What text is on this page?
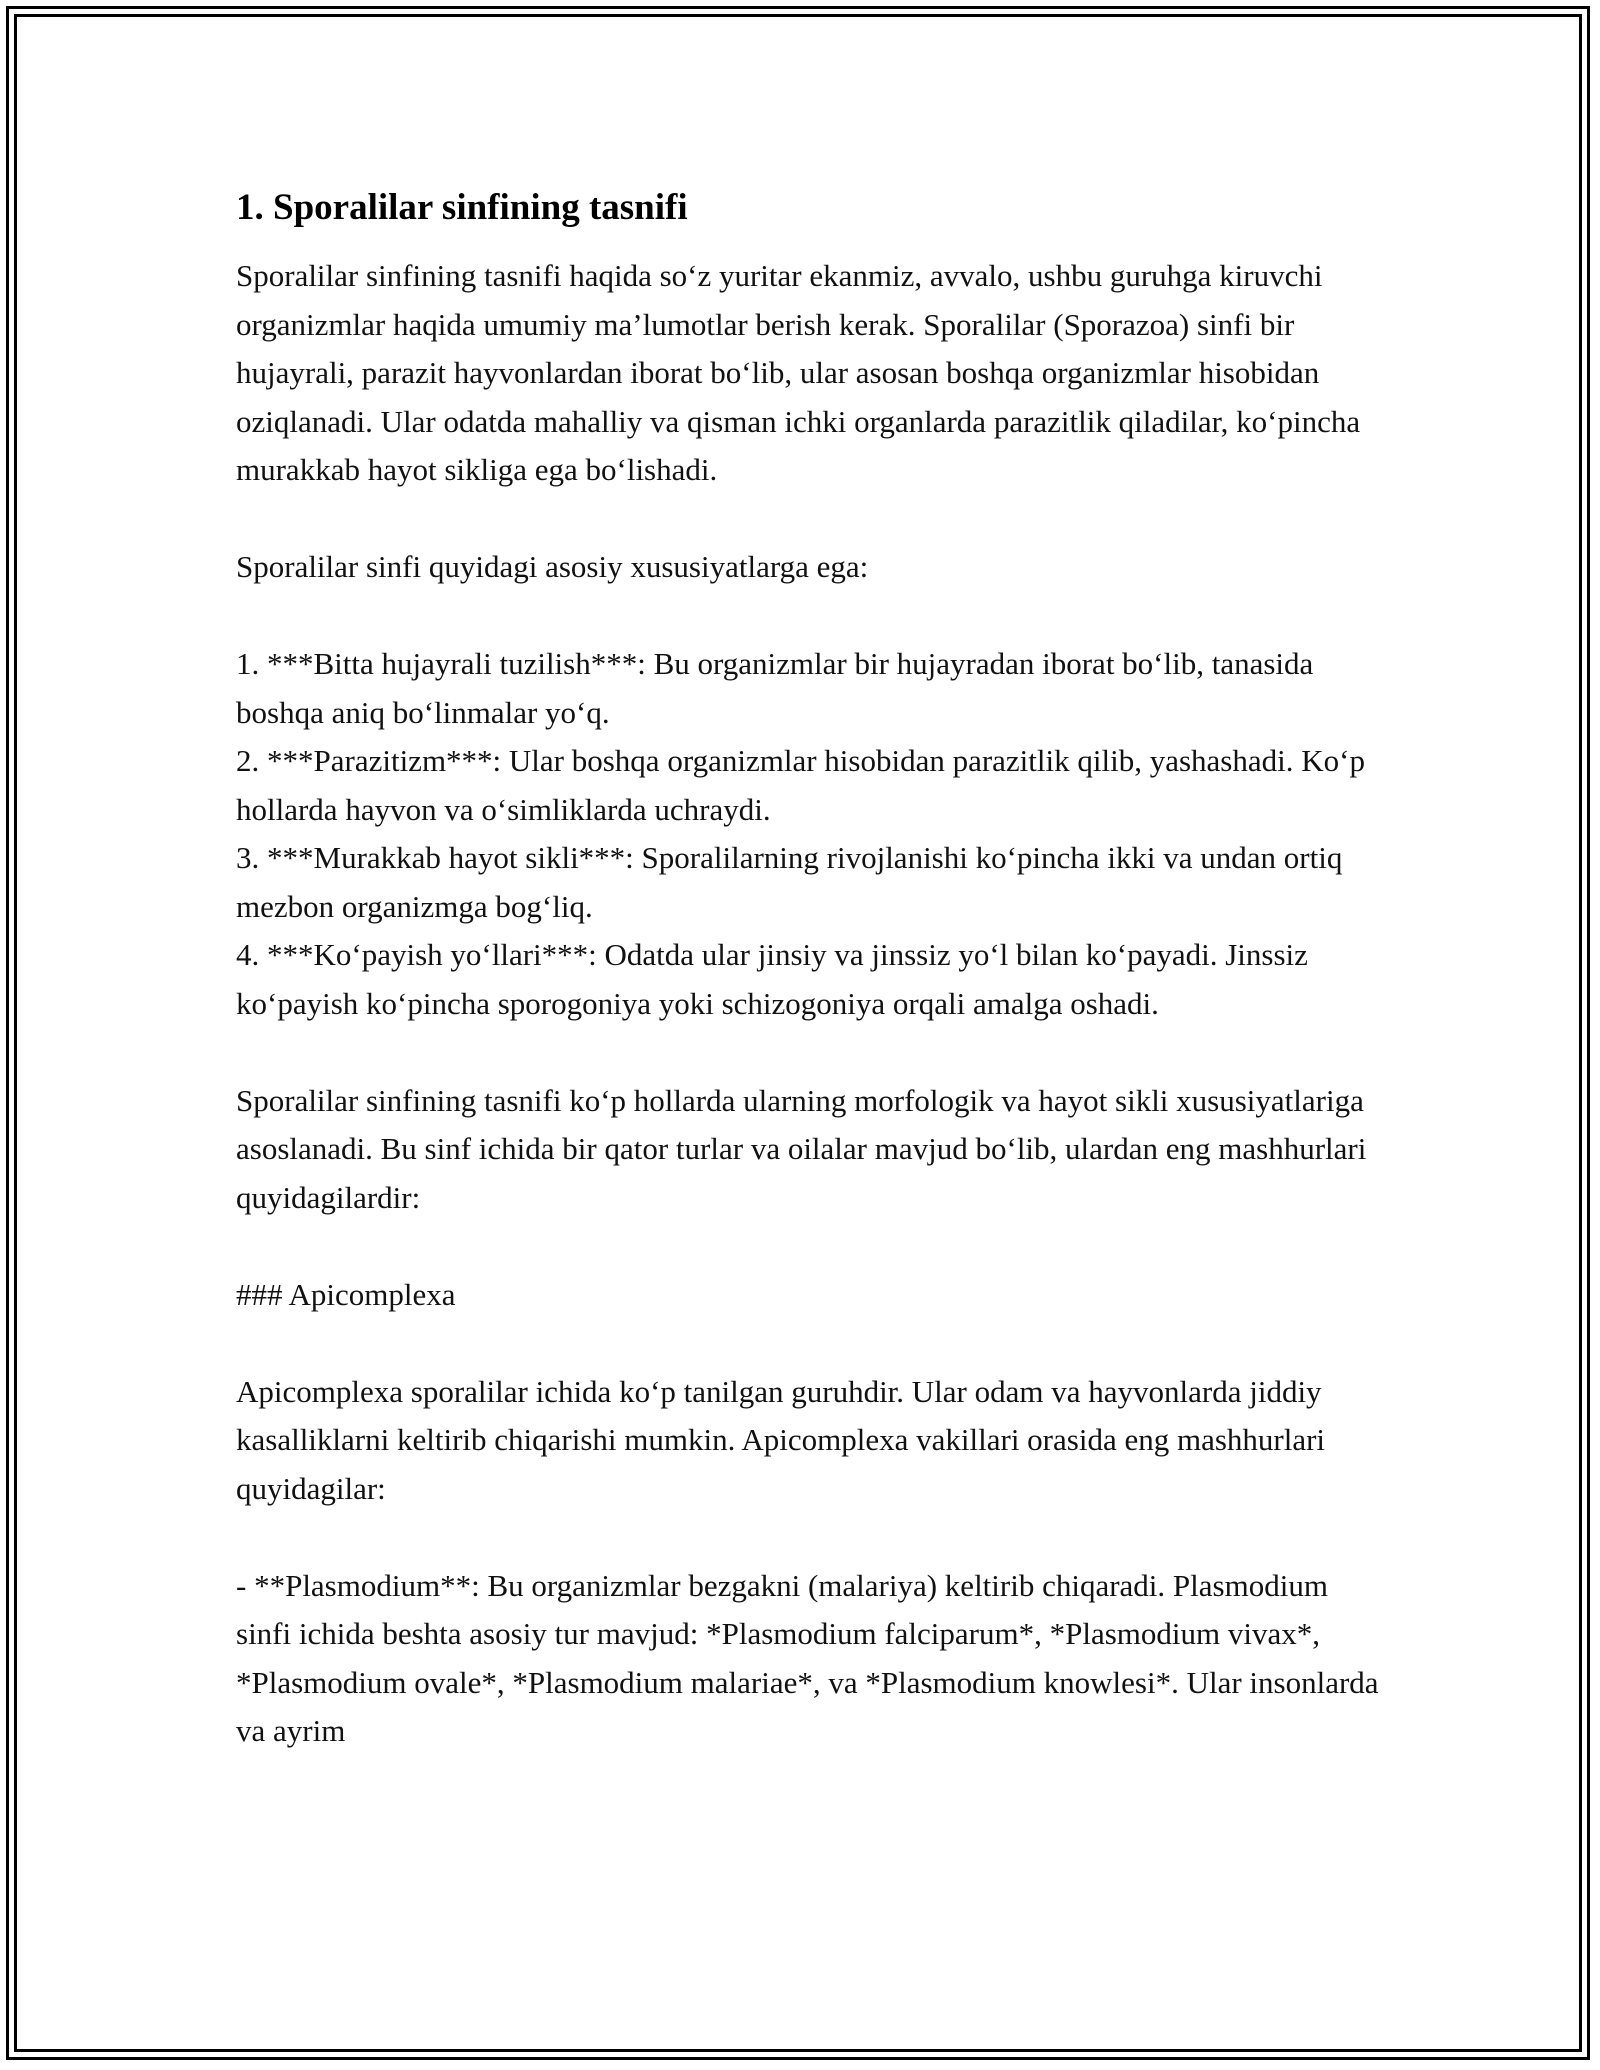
1. Sporalilar sinfining tasnifi

Sporalilar sinfining tasnifi haqida so‘z yuritar ekanmiz, avvalo, ushbu guruhga kiruvchi organizmlar haqida umumiy ma’lumotlar berish kerak. Sporalilar (Sporazoa) sinfi bir hujayrali, parazit hayvonlardan iborat bo‘lib, ular asosan boshqa organizmlar hisobidan oziqlanadi. Ular odatda mahalliy va qisman ichki organlarda parazitlik qiladilar, ko‘pincha murakkab hayot sikliga ega bo‘lishadi.

Sporalilar sinfi quyidagi asosiy xususiyatlarga ega:

1. ***Bitta hujayrali tuzilish***: Bu organizmlar bir hujayradan iborat bo‘lib, tanasida boshqa aniq bo‘linmalar yo‘q.

2. ***Parazitizm***: Ular boshqa organizmlar hisobidan parazitlik qilib, yashashadi. Ko‘p hollarda hayvon va o‘simliklarda uchraydi.

3. ***Murakkab hayot sikli***: Sporalilarning rivojlanishi ko‘pincha ikki va undan ortiq mezbon organizmga bog‘liq.

4. ***Ko‘payish yo‘llari***: Odatda ular jinsiy va jinssiz yo‘l bilan ko‘payadi. Jinssiz ko‘payish ko‘pincha sporogoniya yoki schizogoniya orqali amalga oshadi.

Sporalilar sinfining tasnifi ko‘p hollarda ularning morfologik va hayot sikli xususiyatlariga asoslanadi. Bu sinf ichida bir qator turlar va oilalar mavjud bo‘lib, ulardan eng mashhurlari quyidagilardir:

### Apicomplexa

Apicomplexa sporalilar ichida ko‘p tanilgan guruhdir. Ular odam va hayvonlarda jiddiy kasalliklarni keltirib chiqarishi mumkin. Apicomplexa vakillari orasida eng mashhurlari quyidagilar:

- **Plasmodium**: Bu organizmlar bezgakni (malariya) keltirib chiqaradi. Plasmodium sinfi ichida beshta asosiy tur mavjud: *Plasmodium falciparum*, *Plasmodium vivax*, *Plasmodium ovale*, *Plasmodium malariae*, va *Plasmodium knowlesi*. Ular insonlarda va ayrim
